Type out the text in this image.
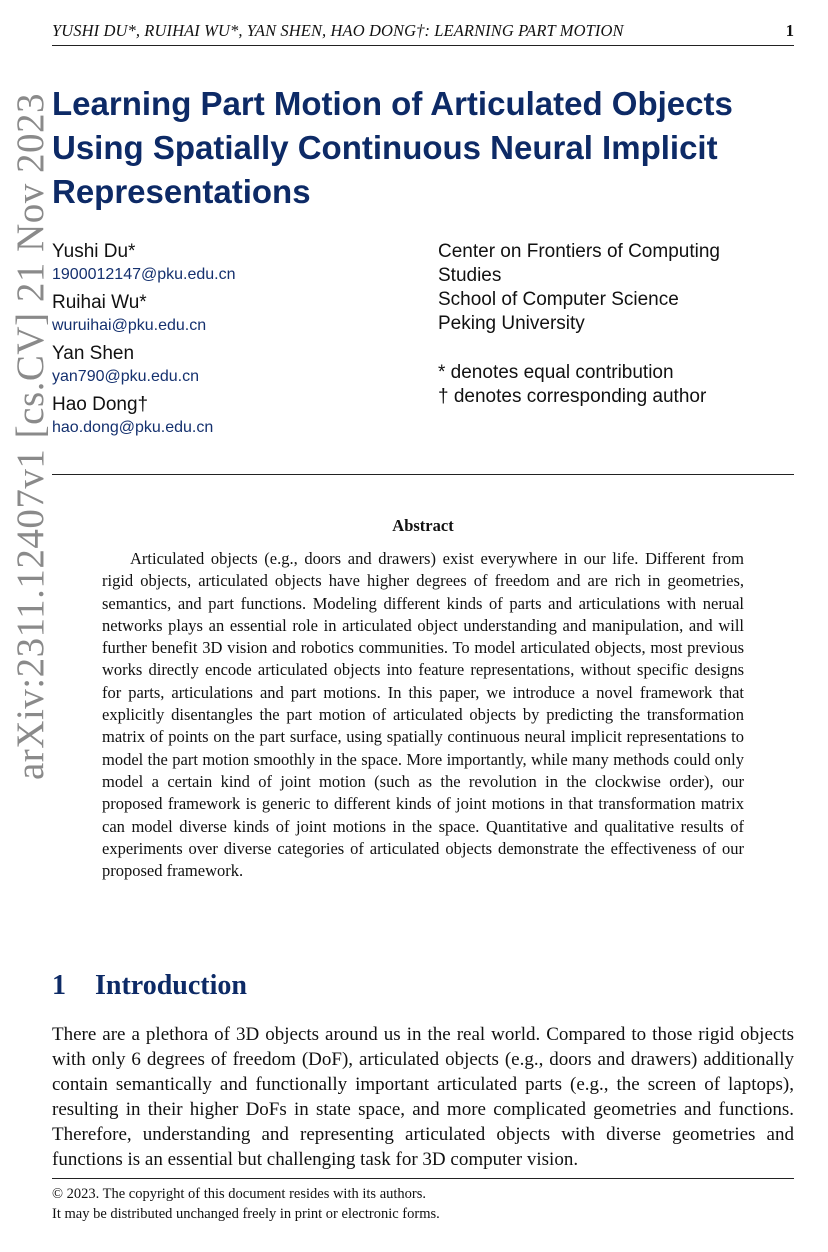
YUSHI DU*, RUIHAI WU*, YAN SHEN, HAO DONG†: LEARNING PART MOTION	1
arXiv:2311.12407v1 [cs.CV] 21 Nov 2023 Learning Part Motion of Articulated Objects Using Spatially Continuous Neural Implicit Representations
Yushi Du*
1900012147@pku.edu.cn
Ruihai Wu*
wuruihai@pku.edu.cn
Yan Shen
yan790@pku.edu.cn
Hao Dong†
hao.dong@pku.edu.cn
Center on Frontiers of Computing
Studies
School of Computer Science
Peking University
* denotes equal contribution
† denotes corresponding author
Abstract

Articulated objects (e.g., doors and drawers) exist everywhere in our life. Different from rigid objects, articulated objects have higher degrees of freedom and are rich in geometries, semantics, and part functions. Modeling different kinds of parts and articulations with nerual networks plays an essential role in articulated object understanding and manipulation, and will further benefit 3D vision and robotics communities. To model articulated objects, most previous works directly encode articulated objects into feature representations, without specific designs for parts, articulations and part motions. In this paper, we introduce a novel framework that explicitly disentangles the part motion of articulated objects by predicting the transformation matrix of points on the part surface, using spatially continuous neural implicit representations to model the part motion smoothly in the space. More importantly, while many methods could only model a certain kind of joint motion (such as the revolution in the clockwise order), our proposed framework is generic to different kinds of joint motions in that transformation matrix can model diverse kinds of joint motions in the space. Quantitative and qualitative results of experiments over diverse categories of articulated objects demonstrate the effectiveness of our proposed framework.

1 Introduction

There are a plethora of 3D objects around us in the real world. Compared to those rigid objects with only 6 degrees of freedom (DoF), articulated objects (e.g., doors and drawers) additionally contain semantically and functionally important articulated parts (e.g., the screen of laptops), resulting in their higher DoFs in state space, and more complicated geometries and functions. Therefore, understanding and representing articulated objects with diverse geometries and functions is an essential but challenging task for 3D computer vision.

© 2023. The copyright of this document resides with its authors.
It may be distributed unchanged freely in print or electronic forms.
